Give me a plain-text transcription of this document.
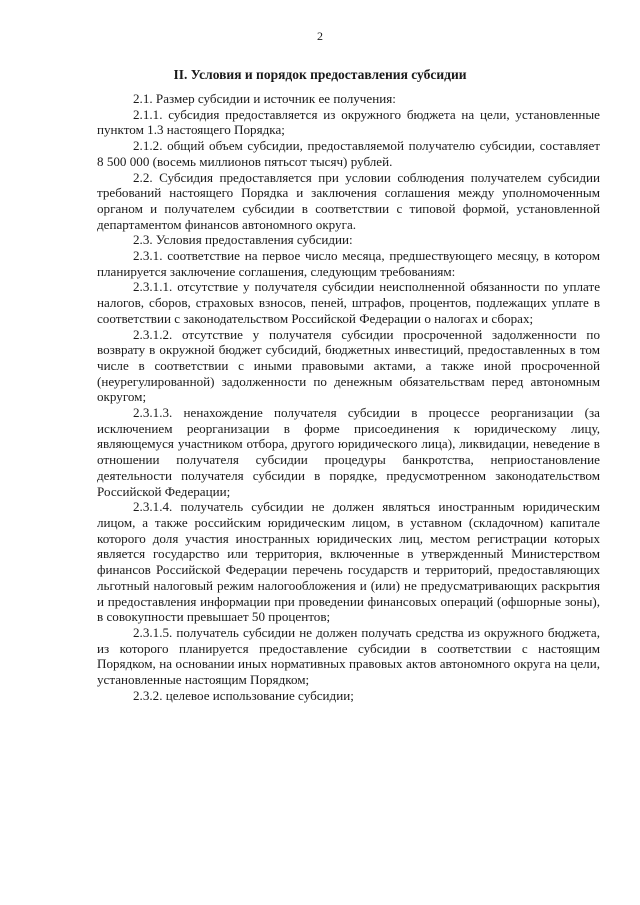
2
II. Условия и порядок предоставления субсидии

2.1. Размер субсидии и источник ее получения:

2.1.1. субсидия предоставляется из окружного бюджета на цели, установленные пунктом 1.3 настоящего Порядка;

2.1.2. общий объем субсидии, предоставляемой получателю субсидии, составляет 8 500 000 (восемь миллионов пятьсот тысяч) рублей.

2.2. Субсидия предоставляется при условии соблюдения получателем субсидии требований настоящего Порядка и заключения соглашения между уполномоченным органом и получателем субсидии в соответствии с типовой формой, установленной департаментом финансов автономного округа.

2.3. Условия предоставления субсидии:

2.3.1. соответствие на первое число месяца, предшествующего месяцу, в котором планируется заключение соглашения, следующим требованиям:

2.3.1.1. отсутствие у получателя субсидии неисполненной обязанности по уплате налогов, сборов, страховых взносов, пеней, штрафов, процентов, подлежащих уплате в соответствии с законодательством Российской Федерации о налогах и сборах;

2.3.1.2. отсутствие у получателя субсидии просроченной задолженности по возврату в окружной бюджет субсидий, бюджетных инвестиций, предоставленных в том числе в соответствии с иными правовыми актами, а также иной просроченной (неурегулированной) задолженности по денежным обязательствам перед автономным округом;

2.3.1.3. ненахождение получателя субсидии в процессе реорганизации (за исключением реорганизации в форме присоединения к юридическому лицу, являющемуся участником отбора, другого юридического лица), ликвидации, неведение в отношении получателя субсидии процедуры банкротства, неприостановление деятельности получателя субсидии в порядке, предусмотренном законодательством Российской Федерации;

2.3.1.4. получатель субсидии не должен являться иностранным юридическим лицом, а также российским юридическим лицом, в уставном (складочном) капитале которого доля участия иностранных юридических лиц, местом регистрации которых является государство или территория, включенные в утвержденный Министерством финансов Российской Федерации перечень государств и территорий, предоставляющих льготный налоговый режим налогообложения и (или) не предусматривающих раскрытия и предоставления информации при проведении финансовых операций (офшорные зоны), в совокупности превышает 50 процентов;

2.3.1.5. получатель субсидии не должен получать средства из окружного бюджета, из которого планируется предоставление субсидии в соответствии с настоящим Порядком, на основании иных нормативных правовых актов автономного округа на цели, установленные настоящим Порядком;

2.3.2. целевое использование субсидии;
